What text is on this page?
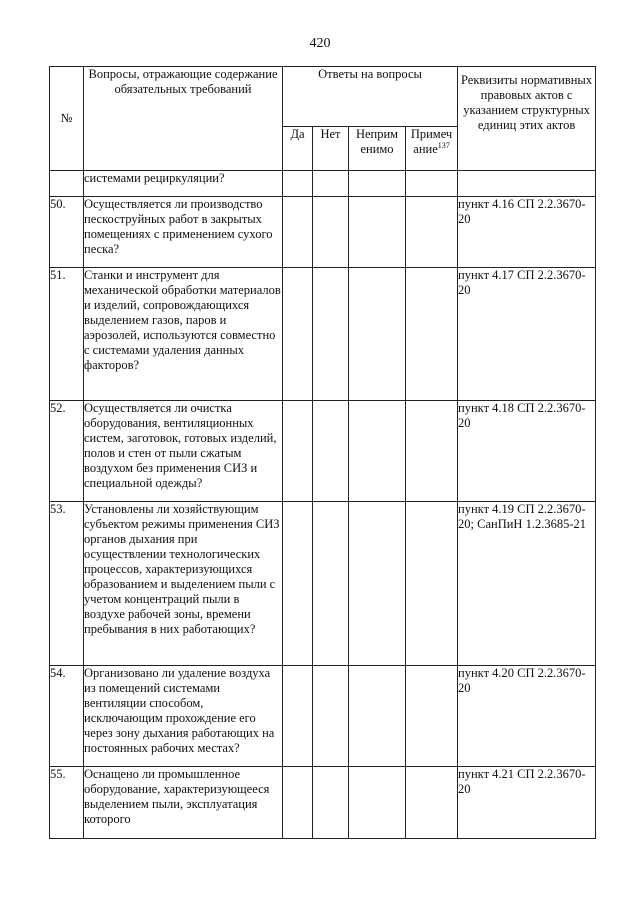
420
№	Вопросы, отражающие содержание обязательных требований	Ответы на вопросы				Реквизиты нормативных правовых актов с указанием структурных единиц этих актов
		Да	Нет	Неприм енимо	Примеч ание$^{137}$
	системами рециркуляции?					
50.	Осуществляется ли производство пескоструйных работ в закрытых помещениях с применением сухого песка?					пункт 4.16 СП 2.2.3670-20
51.	Станки и инструмент для механической обработки материалов и изделий, сопровождающихся выделением газов, паров и аэрозолей, используются совместно с системами удаления данных факторов?					пункт 4.17 СП 2.2.3670-20
52.	Осуществляется ли очистка оборудования, вентиляционных систем, заготовок, готовых изделий, полов и стен от пыли сжатым воздухом без применения СИЗ и специальной одежды?					пункт 4.18 СП 2.2.3670-20
53.	Установлены ли хозяйствующим субъектом режимы применения СИЗ органов дыхания при осуществлении технологических процессов, характеризующихся образованием и выделением пыли с учетом концентраций пыли в воздухе рабочей зоны, времени пребывания в них работающих?					пункт 4.19 СП 2.2.3670-20; СанПиН 1.2.3685-21
54.	Организовано ли удаление воздуха из помещений системами вентиляции способом, исключающим прохождение его через зону дыхания работающих на постоянных рабочих местах?					пункт 4.20 СП 2.2.3670-20
55.	Оснащено ли промышленное оборудование, характеризующееся выделением пыли, эксплуатация которого					пункт 4.21 СП 2.2.3670-20
